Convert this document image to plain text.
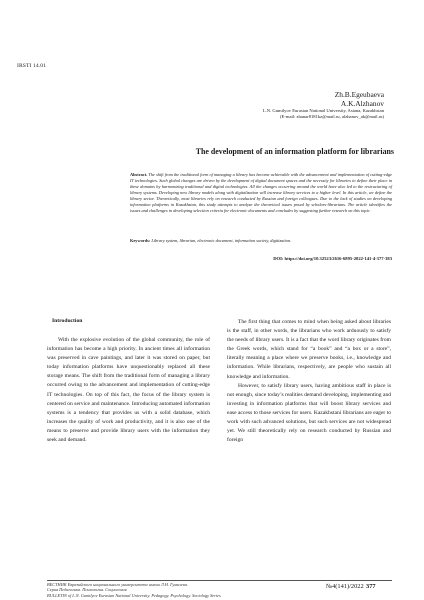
IRSTI 14.01
Zh.B.Egeubaeva
A.K.Alzhanov
L.N. Gumilyov Eurasian National University, Astana, Kazakhstan
(Е-mail: zhanar8181kz@mail.ru, alzhanov_ak@mail.ru)
The development of an information platform for librarians
Abstract. The shift from the traditional form of managing a library has become achievable with the advancement and implementation of cutting-edge IT technologies. Such global changes are driven by the development of digital document spaces and the necessity for libraries to define their place in these domains by harmonizing traditional and digital technologies. All the changes occurring around the world have also led to the restructuring of library systems. Developing new library models along with digitalization will increase library services to a higher level. In this article, we define the library sector. Theoretically, most libraries rely on research conducted by Russian and foreign colleagues. Due to the lack of studies on developing information platforms in Kazakhstan, this study attempts to analyze the theoretical issues posed by scholars-librarians. The article identifies the issues and challenges in developing selection criteria for electronic documents and concludes by suggesting further research on this topic.
Keywords: Library system, librarian, electronic document, information society, digitization.
DOI: https://doi.org/10.32523/2616-6895-2022-141-4-377-383
Introduction

With the explosive evolution of the global community, the role of information has become a high priority. In ancient times all information was preserved in cave paintings, and later it was stored on paper, but today information platforms have unquestionably replaced all these storage means. The shift from the traditional form of managing a library occurred owing to the advancement and implementation of cutting-edge IT technologies. On top of this fact, the focus of the library system is centered on service and maintenance. Introducing automated information systems is a tendency that provides us with a solid database, which increases the quality of work and productivity, and it is also one of the means to preserve and provide library users with the information they seek and demand.

The first thing that comes to mind when being asked about libraries is the staff, in other words, the librarians who work arduously to satisfy the needs of library users. It is a fact that the word library originates from the Greek words, which stand for “a book” and “a box or a store”, literally meaning a place where we preserve books, i.e., knowledge and information. While librarians, respectively, are people who sustain all knowledge and information.

However, to satisfy library users, having ambitious staff in place is not enough, since today’s realities demand developing, implementing and investing in information platforms that will boost library services and ease access to those services for users. Kazakhstani librarians are eager to work with such advanced solutions, but such services are not widespread yet. We still theoretically rely on research conducted by Russian and foreign

ВЕСТНИК Евразийского национального университета имени Л.Н. Гумилева.
Серия Педагогика. Психология. Социология
BULLETIN of L.N. Gumilyov Eurasian National University. Pedagogy. Psychology. Sociology Series
№4(141)/2022 377
